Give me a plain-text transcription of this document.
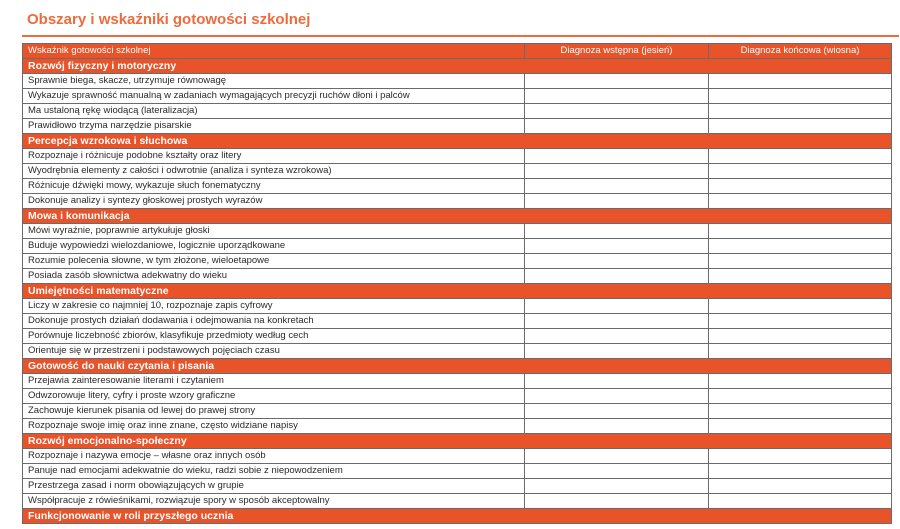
Obszary i wskaźniki gotowości szkolnej
Wskaźnik gotowości szkolnej	Diagnoza wstępna (jesień)	Diagnoza końcowa (wiosna)
Rozwój fizyczny i motoryczny		
Sprawnie biega, skacze, utrzymuje równowagę		
Wykazuje sprawność manualną w zadaniach wymagających precyzji ruchów dłoni i palców		
Ma ustaloną rękę wiodącą (lateralizacja)		
Prawidłowo trzyma narzędzie pisarskie		
Percepcja wzrokowa i słuchowa		
Rozpoznaje i różnicuje podobne kształty oraz litery		
Wyodrębnia elementy z całości i odwrotnie (analiza i synteza wzrokowa)		
Różnicuje dźwięki mowy, wykazuje słuch fonematyczny		
Dokonuje analizy i syntezy głoskowej prostych wyrazów		
Mowa i komunikacja		
Mówi wyraźnie, poprawnie artykułuje głoski		
Buduje wypowiedzi wielozdaniowe, logicznie uporządkowane		
Rozumie polecenia słowne, w tym złożone, wieloetapowe		
Posiada zasób słownictwa adekwatny do wieku		
Umiejętności matematyczne		
Liczy w zakresie co najmniej 10, rozpoznaje zapis cyfrowy		
Dokonuje prostych działań dodawania i odejmowania na konkretach		
Porównuje liczebność zbiorów, klasyfikuje przedmioty według cech		
Orientuje się w przestrzeni i podstawowych pojęciach czasu		
Gotowość do nauki czytania i pisania		
Przejawia zainteresowanie literami i czytaniem		
Odwzorowuje litery, cyfry i proste wzory graficzne		
Zachowuje kierunek pisania od lewej do prawej strony		
Rozpoznaje swoje imię oraz inne znane, często widziane napisy		
Rozwój emocjonalno-społeczny		
Rozpoznaje i nazywa emocje – własne oraz innych osób		
Panuje nad emocjami adekwatnie do wieku, radzi sobie z niepowodzeniem		
Przestrzega zasad i norm obowiązujących w grupie		
Współpracuje z rówieśnikami, rozwiązuje spory w sposób akceptowalny		
Funkcjonowanie w roli przyszłego ucznia		
